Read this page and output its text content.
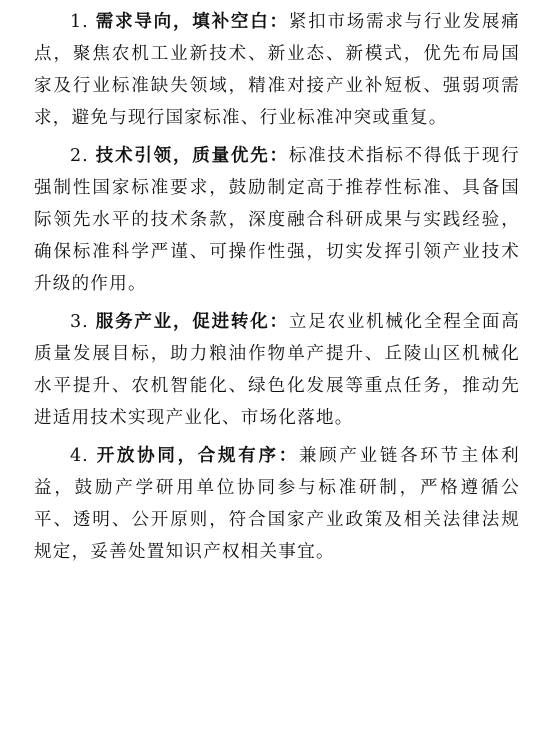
1. 需求导向，填补空白：紧扣市场需求与行业发展痛点，聚焦农机工业新技术、新业态、新模式，优先布局国家及行业标准缺失领域，精准对接产业补短板、强弱项需求，避免与现行国家标准、行业标准冲突或重复。

2. 技术引领，质量优先：标准技术指标不得低于现行强制性国家标准要求，鼓励制定高于推荐性标准、具备国际领先水平的技术条款，深度融合科研成果与实践经验，确保标准科学严谨、可操作性强，切实发挥引领产业技术升级的作用。

3. 服务产业，促进转化：立足农业机械化全程全面高质量发展目标，助力粮油作物单产提升、丘陵山区机械化水平提升、农机智能化、绿色化发展等重点任务，推动先进适用技术实现产业化、市场化落地。

4. 开放协同，合规有序：兼顾产业链各环节主体利益，鼓励产学研用单位协同参与标准研制，严格遵循公平、透明、公开原则，符合国家产业政策及相关法律法规规定，妥善处置知识产权相关事宜。
